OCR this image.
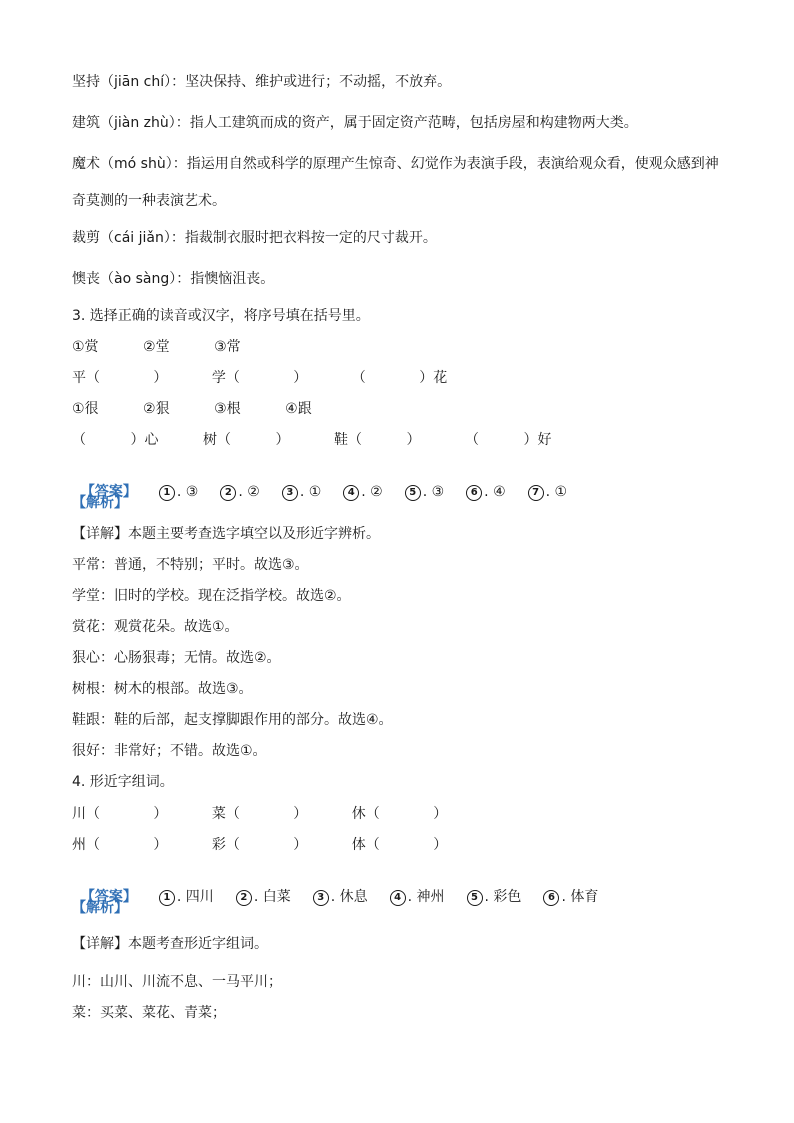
坚持（jiān chí）：坚决保持、维护或进行；不动摇，不放弃。
建筑（jiàn zhù）：指人工建筑而成的资产，属于固定资产范畴，包括房屋和构建物两大类。
魔术（mó shù）：指运用自然或科学的原理产生惊奇、幻觉作为表演手段，表演给观众看，使观众感到神
奇莫测的一种表演艺术。
裁剪（cái jiǎn）：指裁制衣服时把衣料按一定的尺寸裁开。
懊丧（ào sàng）：指懊恼沮丧。
3. 选择正确的读音或汉字，将序号填在括号里。
①赏          ②堂          ③常
平（            ）          学（            ）          （            ）花
①很          ②狠          ③根          ④跟
（          ）心          树（          ）          鞋（          ）          （          ）好

【答案】	1 . ③	2 . ②	3 . ①	4 . ②	5 . ③	6 . ④	7 . ①

【解析】
【详解】本题主要考查选字填空以及形近字辨析。
平常：普通，不特别；平时。故选③。
学堂：旧时的学校。现在泛指学校。故选②。
赏花：观赏花朵。故选①。
狠心：心肠狠毒；无情。故选②。
树根：树木的根部。故选③。
鞋跟：鞋的后部，起支撑脚跟作用的部分。故选④。
很好：非常好；不错。故选①。
4. 形近字组词。
川（            ）          菜（            ）          休（            ）
州（            ）          彩（            ）          体（            ）

【答案】	1 . 四川	2 . 白菜	3 . 休息	4 . 神州	5 . 彩色	6 . 体育

【解析】
【详解】本题考查形近字组词。
川：山川、川流不息、一马平川；
菜：买菜、菜花、青菜；
